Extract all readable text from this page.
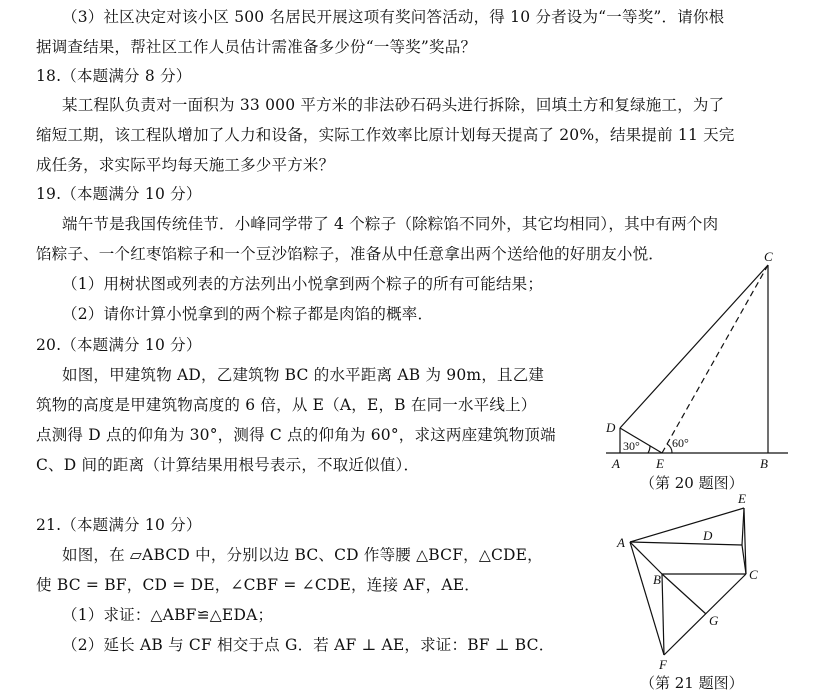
（3）社区决定对该小区 500 名居民开展这项有奖问答活动，得 10 分者设为“一等奖”．请你根
据调查结果，帮社区工作人员估计需准备多少份“一等奖”奖品？
18.（本题满分 8 分）
某工程队负责对一面积为 33 000 平方米的非法砂石码头进行拆除，回填土方和复绿施工，为了
缩短工期，该工程队增加了人力和设备，实际工作效率比原计划每天提高了 20%，结果提前 11 天完
成任务，求实际平均每天施工多少平方米？
19.（本题满分 10 分）
端午节是我国传统佳节．小峰同学带了 4 个粽子（除粽馅不同外，其它均相同），其中有两个肉
馅粽子、一个红枣馅粽子和一个豆沙馅粽子，准备从中任意拿出两个送给他的好朋友小悦．
（1）用树状图或列表的方法列出小悦拿到两个粽子的所有可能结果；
（2）请你计算小悦拿到的两个粽子都是肉馅的概率．
20.（本题满分 10 分）
如图，甲建筑物 AD，乙建筑物 BC 的水平距离 AB 为 90m，且乙建
筑物的高度是甲建筑物高度的 6 倍，从 E（A，E，B 在同一水平线上）
点测得 D 点的仰角为 30°，测得 C 点的仰角为 60°，求这两座建筑物顶端
C、D 间的距离（计算结果用根号表示，不取近似值）．
21.（本题满分 10 分）
如图，在 ▱ABCD 中，分别以边 BC、CD 作等腰 △BCF，△CDE，
使 BC = BF，CD = DE，∠CBF = ∠CDE，连接 AF，AE．
（1）求证：△ABF≌△EDA；
（2）延长 AB 与 CF 相交于点 G．若 AF ⊥ AE，求证：BF ⊥ BC．
D
A	E	B
C
30°	60°
A
B	C
D
E
F
G
（第 20 题图）
（第 21 题图）
